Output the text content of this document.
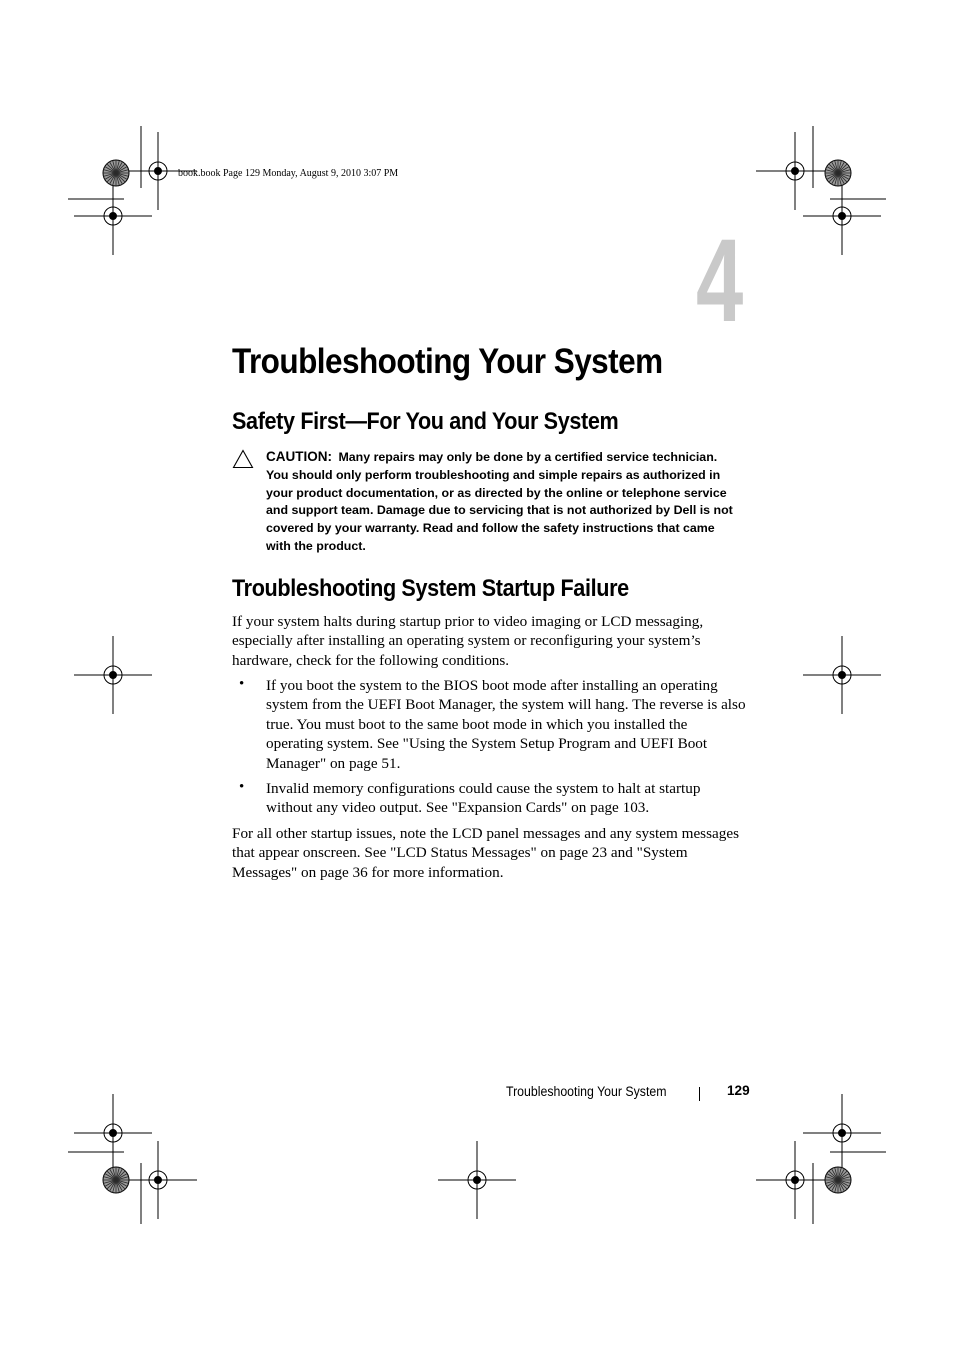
book.book Page 129 Monday, August 9, 2010 3:07 PM
4
Troubleshooting Your System
Safety First—For You and Your System
CAUTION: Many repairs may only be done by a certified service technician. You should only perform troubleshooting and simple repairs as authorized in your product documentation, or as directed by the online or telephone service and support team. Damage due to servicing that is not authorized by Dell is not covered by your warranty. Read and follow the safety instructions that came with the product.
Troubleshooting System Startup Failure
If your system halts during startup prior to video imaging or LCD messaging, especially after installing an operating system or reconfiguring your system’s hardware, check for the following conditions.
• If you boot the system to the BIOS boot mode after installing an operating system from the UEFI Boot Manager, the system will hang. The reverse is also true. You must boot to the same boot mode in which you installed the operating system. See "Using the System Setup Program and UEFI Boot Manager" on page 51.
• Invalid memory configurations could cause the system to halt at startup without any video output. See "Expansion Cards" on page 103.
For all other startup issues, note the LCD panel messages and any system messages that appear onscreen. See "LCD Status Messages" on page 23 and "System Messages" on page 36 for more information.
Troubleshooting Your System	129
